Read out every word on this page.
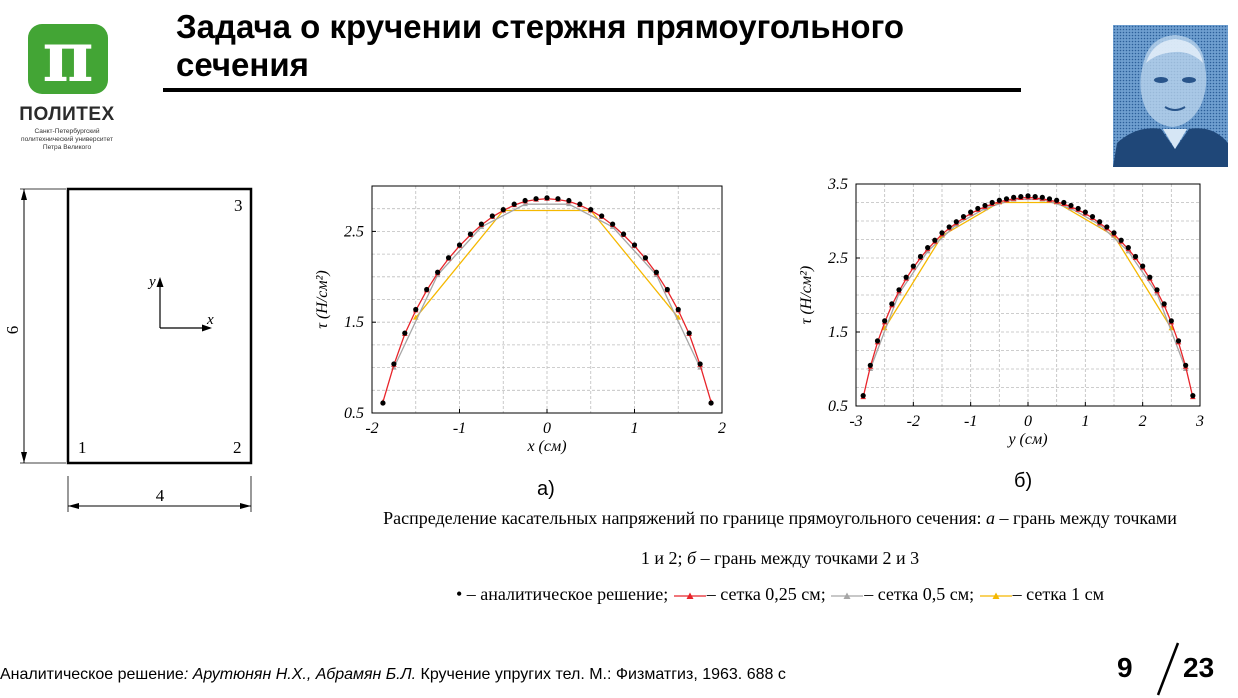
π
ПОЛИТЕХ
Санкт-Петербургский
политехнический университет
Петра Великого
Задача о кручении стержня прямоугольного
сечения
6
4
1	2
3
y
x
-2	-1	0	1	2
0.5
1.5
2.5
x (см)
τ (Н/см²)
а)
-3	-2	-1	0	1	2	3
0.5
1.5
2.5
3.5
y (см)
τ (Н/см²)
б)
Распределение касательных напряжений по границе прямоугольного сечения: а – грань между точками 1 и 2; б – грань между точками 2 и 3
• – аналитическое решение; – сетка 0,25 см; – сетка 0,5 см; – сетка 1 см
Аналитическое решение: Арутюнян Н.Х., Абрамян Б.Л. Кручение упругих тел. М.: Физматгиз, 1963. 688 с	9 23
